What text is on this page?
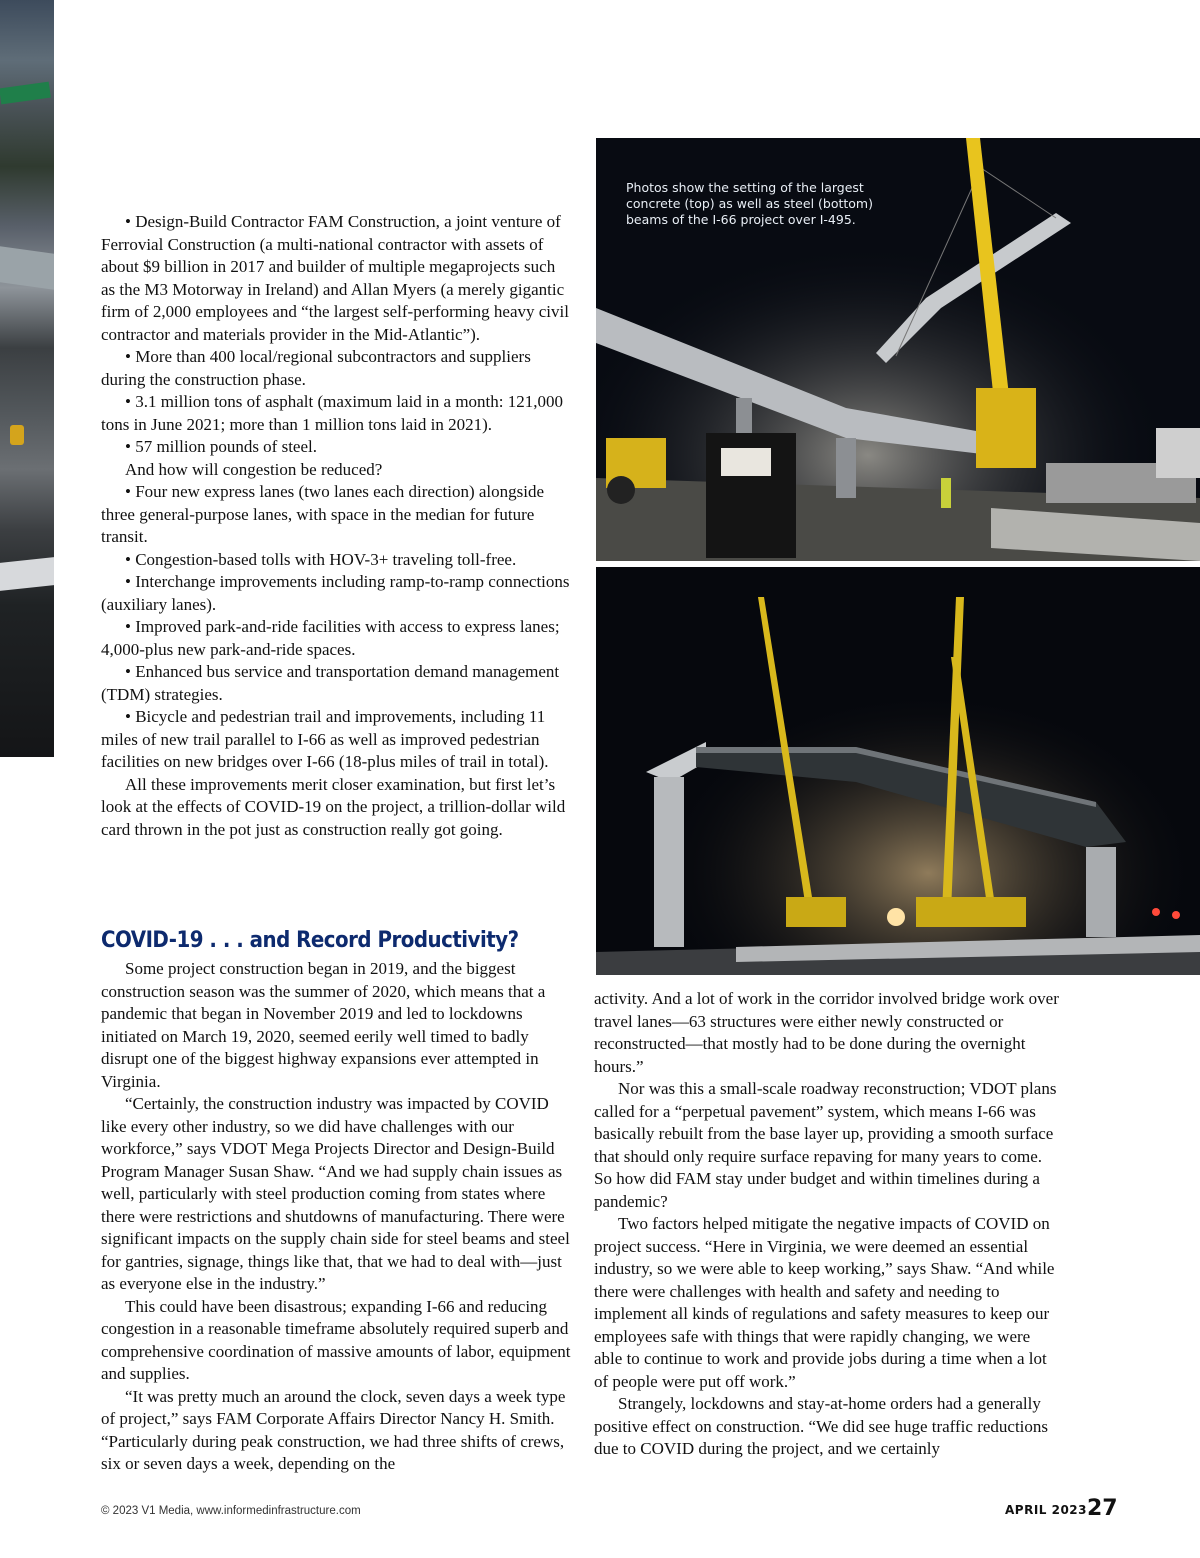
• Design-Build Contractor FAM Construction, a joint venture of Ferrovial Construction (a multi-national contractor with assets of about $9 billion in 2017 and builder of multiple megaprojects such as the M3 Motorway in Ireland) and Allan Myers (a merely gigantic firm of 2,000 employees and “the largest self-performing heavy civil contractor and materials provider in the Mid-Atlantic”).

• More than 400 local/regional subcontractors and suppliers during the construction phase.

• 3.1 million tons of asphalt (maximum laid in a month: 121,000 tons in June 2021; more than 1 million tons laid in 2021).

• 57 million pounds of steel.

And how will congestion be reduced?

• Four new express lanes (two lanes each direction) alongside three general-purpose lanes, with space in the median for future transit.

• Congestion-based tolls with HOV-3+ traveling toll-free.

• Interchange improvements including ramp-to-ramp connections (auxiliary lanes).

• Improved park-and-ride facilities with access to express lanes; 4,000-plus new park-and-ride spaces.

• Enhanced bus service and transportation demand management (TDM) strategies.

• Bicycle and pedestrian trail and improvements, including 11 miles of new trail parallel to I-66 as well as improved pedestrian facilities on new bridges over I-66 (18-plus miles of trail in total).

All these improvements merit closer examination, but first let’s look at the effects of COVID-19 on the project, a trillion-dollar wild card thrown in the pot just as construction really got going.

COVID-19 . . . and Record Productivity?

Some project construction began in 2019, and the biggest construction season was the summer of 2020, which means that a pandemic that began in November 2019 and led to lockdowns initiated on March 19, 2020, seemed eerily well timed to badly disrupt one of the biggest highway expansions ever attempted in Virginia.

“Certainly, the construction industry was impacted by COVID like every other industry, so we did have challenges with our workforce,” says VDOT Mega Projects Director and Design-Build Program Manager Susan Shaw. “And we had supply chain issues as well, particularly with steel production coming from states where there were restrictions and shutdowns of manufacturing. There were significant impacts on the supply chain side for steel beams and steel for gantries, signage, things like that, that we had to deal with—just as everyone else in the industry.”

This could have been disastrous; expanding I-66 and reducing congestion in a reasonable timeframe absolutely required superb and comprehensive coordination of massive amounts of labor, equipment and supplies.

“It was pretty much an around the clock, seven days a week type of project,” says FAM Corporate Affairs Director Nancy H. Smith. “Particularly during peak construction, we had three shifts of crews, six or seven days a week, depending on the

Photos show the setting of the largest concrete (top) as well as steel (bottom) beams of the I-66 project over I-495.

activity. And a lot of work in the corridor involved bridge work over travel lanes—63 structures were either newly constructed or reconstructed—that mostly had to be done during the overnight hours.”

Nor was this a small-scale roadway reconstruction; VDOT plans called for a “perpetual pavement” system, which means I-66 was basically rebuilt from the base layer up, providing a smooth surface that should only require surface repaving for many years to come. So how did FAM stay under budget and within timelines during a pandemic?

Two factors helped mitigate the negative impacts of COVID on project success. “Here in Virginia, we were deemed an essential industry, so we were able to keep working,” says Shaw. “And while there were challenges with health and safety and needing to implement all kinds of regulations and safety measures to keep our employees safe with things that were rapidly changing, we were able to continue to work and provide jobs during a time when a lot of people were put off work.”

Strangely, lockdowns and stay-at-home orders had a generally positive effect on construction. “We did see huge traffic reductions due to COVID during the project, and we certainly

© 2023 V1 Media, www.informedinfrastructure.com	APRIL 2023 27
